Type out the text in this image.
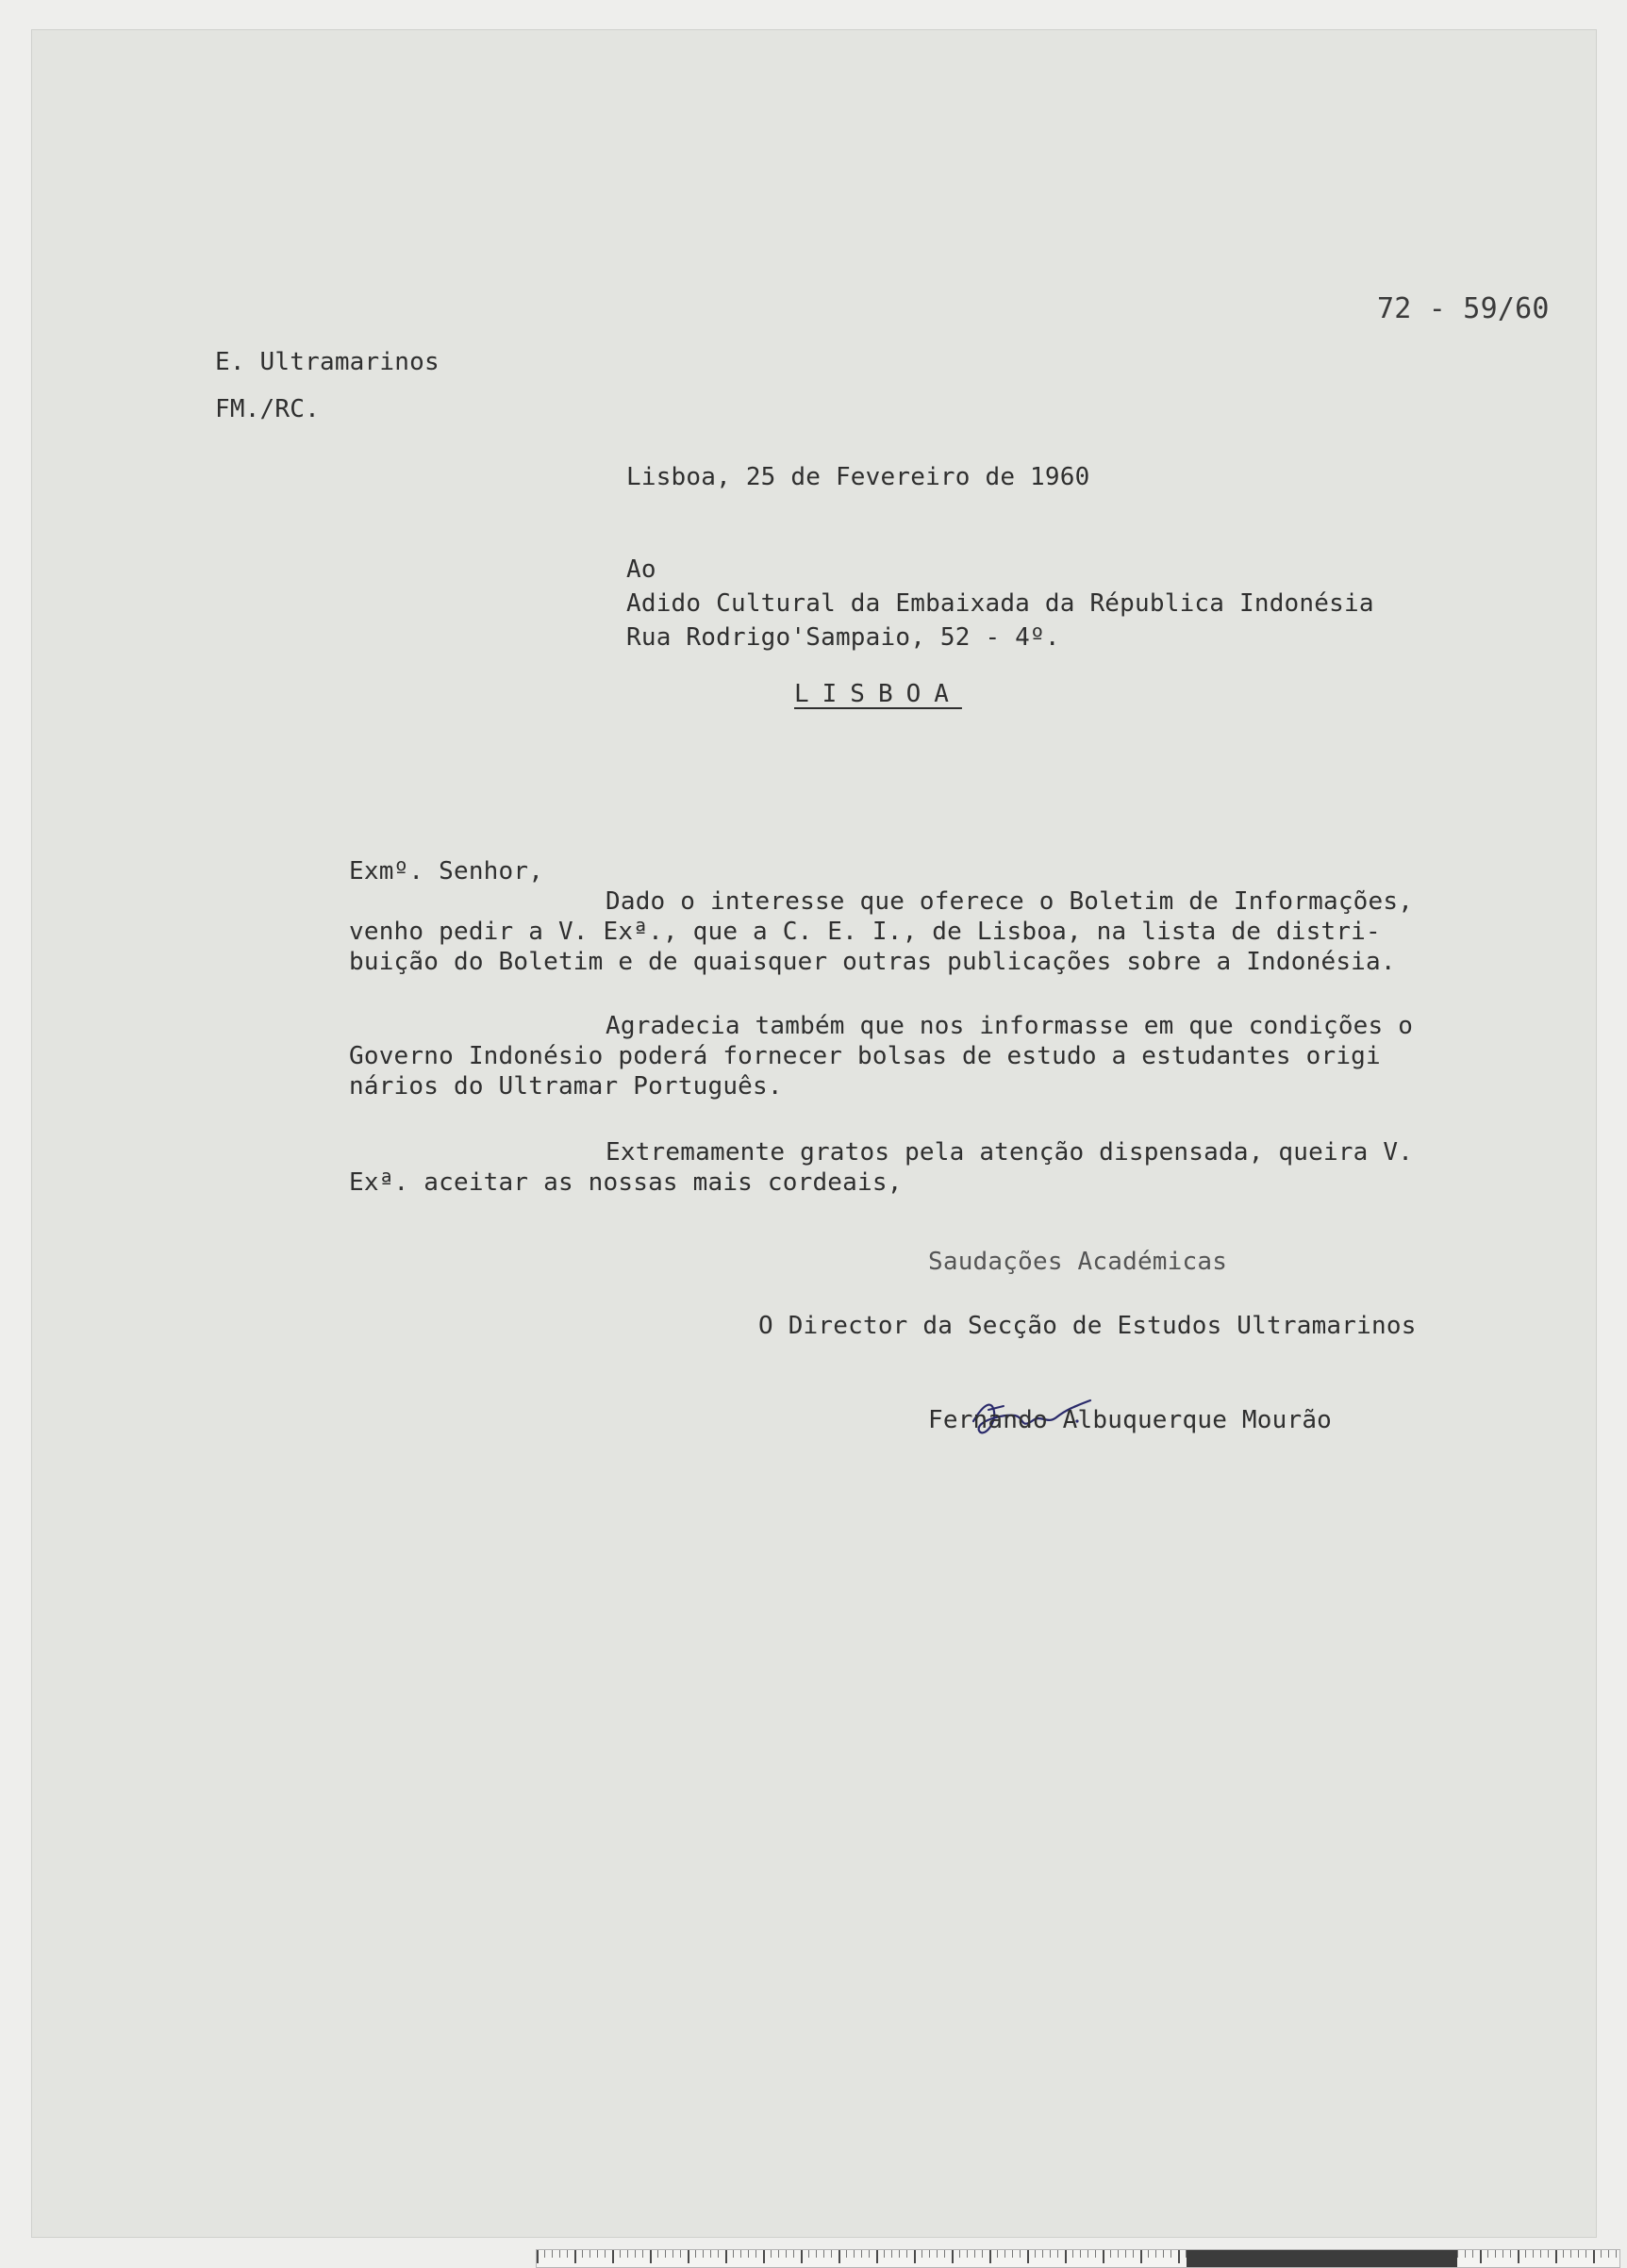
72 - 59/60
E. Ultramarinos
FM./RC.
Lisboa, 25 de Fevereiro de 1960
Ao
Adido Cultural da Embaixada da Républica Indonésia
Rua Rodrigo'Sampaio, 52 - 4º.
LISBOA
Exmº. Senhor,
Dado o interesse que oferece o Boletim de Informações,
venho pedir a V. Exª., que a C. E. I., de Lisboa, na lista de distri-
buição do Boletim e de quaisquer outras publicações sobre a Indonésia.
Agradecia também que nos informasse em que condições o
Governo Indonésio poderá fornecer bolsas de estudo a estudantes origi
nários do Ultramar Português.
Extremamente gratos pela atenção dispensada, queira V.
Exª. aceitar as nossas mais cordeais,
Saudações Académicas
O Director da Secção de Estudos Ultramarinos
Fernando Albuquerque Mourão
